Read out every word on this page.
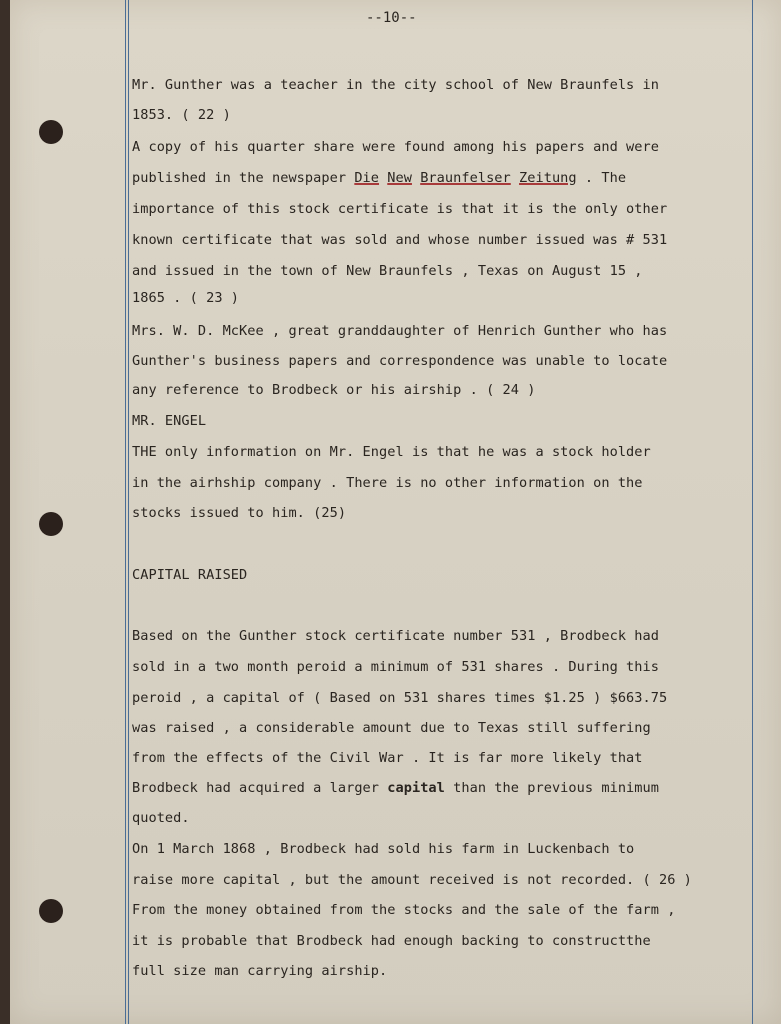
--10--
Mr. Gunther was a teacher in the city school of New Braunfels in
1853. ( 22 )
A copy of his quarter share were found among his papers and were
published in the newspaper Die New Braunfelser Zeitung . The
importance of this stock certificate is that it is the only other
known certificate that was sold and whose number issued was # 531
and issued in the town of New Braunfels , Texas on August 15 ,
1865 . ( 23 )
Mrs. W. D. McKee , great granddaughter of Henrich Gunther who has
Gunther's business papers and correspondence was unable to locate
any reference to Brodbeck or his airship . ( 24 )
MR. ENGEL
THE only information on Mr. Engel is that he was a stock holder
in the airhship company . There is no other information on the
stocks issued to him. (25)
CAPITAL RAISED
Based on the Gunther stock certificate number 531 , Brodbeck had
sold in a two month peroid a minimum of 531 shares . During this
peroid , a capital of ( Based on 531 shares times $1.25 ) $663.75
was raised , a considerable amount due to Texas still suffering
from the effects of the Civil War . It is far more likely that
Brodbeck had acquired a larger capital than the previous minimum
quoted.
On 1 March 1868 , Brodbeck had sold his farm in Luckenbach to
raise more capital , but the amount received is not recorded. ( 26 )
From the money obtained from the stocks and the sale of the farm ,
it is probable that Brodbeck had enough backing to constructthe
full size man carrying airship.
